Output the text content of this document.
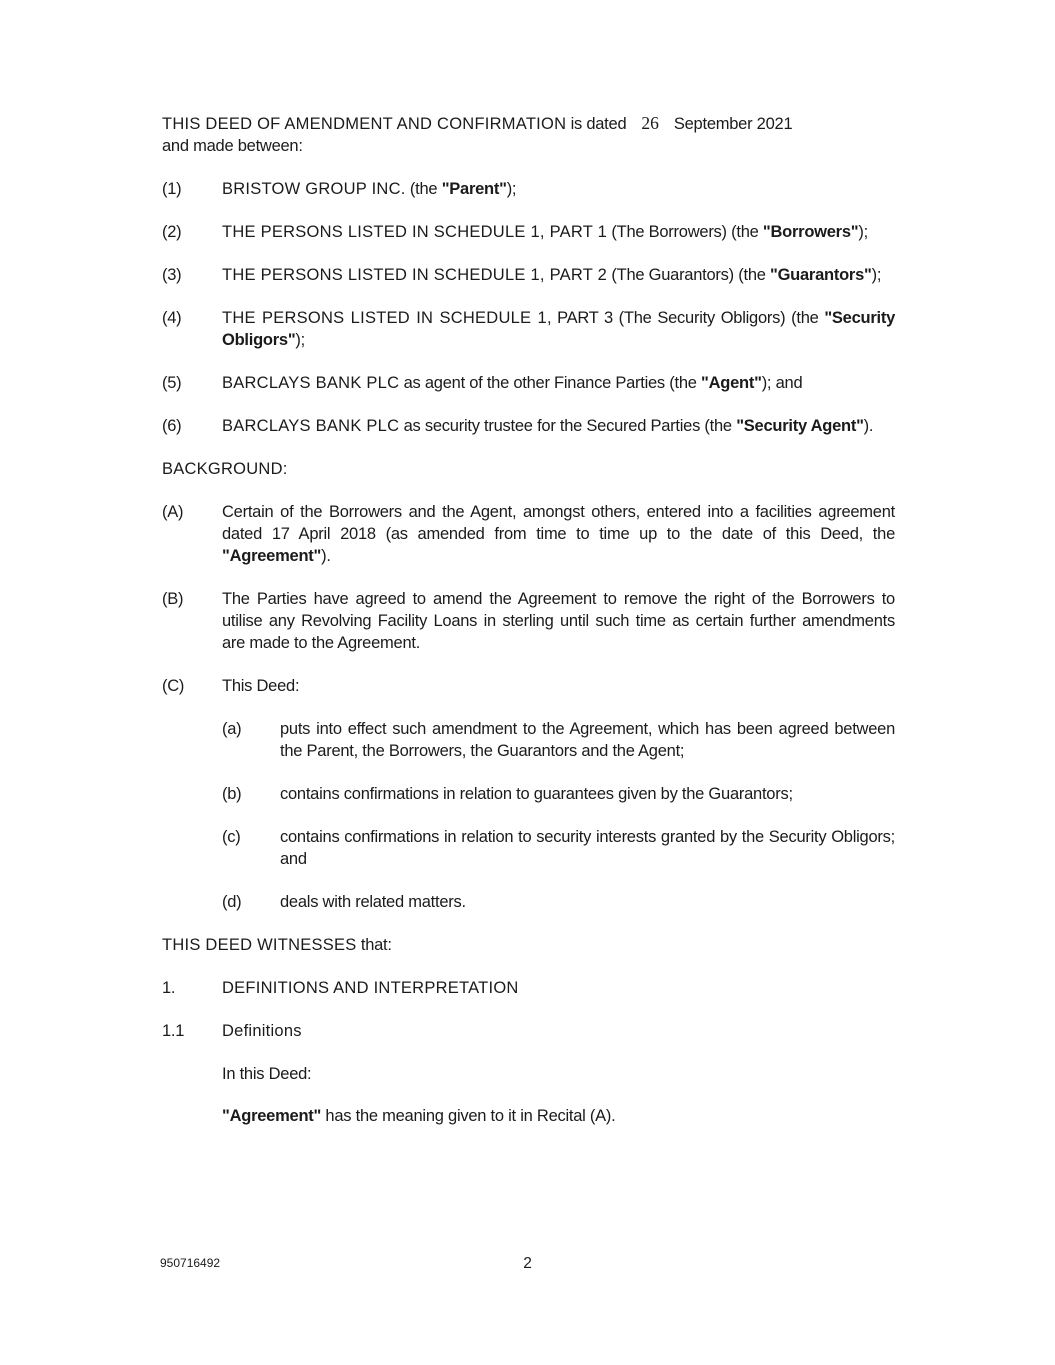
THIS DEED OF AMENDMENT AND CONFIRMATION is dated 26 September 2021
and made between:
(1)	BRISTOW GROUP INC. (the "Parent");
(2)	THE PERSONS LISTED IN SCHEDULE 1, PART 1 (The Borrowers) (the "Borrowers");
(3)	THE PERSONS LISTED IN SCHEDULE 1, PART 2 (The Guarantors) (the "Guarantors");
(4)	THE PERSONS LISTED IN SCHEDULE 1, PART 3 (The Security Obligors) (the "Security Obligors");
(5)	BARCLAYS BANK PLC as agent of the other Finance Parties (the "Agent"); and
(6)	BARCLAYS BANK PLC as security trustee for the Secured Parties (the "Security Agent").
BACKGROUND:
(A)	Certain of the Borrowers and the Agent, amongst others, entered into a facilities agreement dated 17 April 2018 (as amended from time to time up to the date of this Deed, the "Agreement").
(B)	The Parties have agreed to amend the Agreement to remove the right of the Borrowers to utilise any Revolving Facility Loans in sterling until such time as certain further amendments are made to the Agreement.
(C)	This Deed:
(a)	puts into effect such amendment to the Agreement, which has been agreed between the Parent, the Borrowers, the Guarantors and the Agent;
(b)	contains confirmations in relation to guarantees given by the Guarantors;
(c)	contains confirmations in relation to security interests granted by the Security Obligors; and
(d)	deals with related matters.
THIS DEED WITNESSES that:
1.	DEFINITIONS AND INTERPRETATION
1.1	Definitions
In this Deed:
"Agreement" has the meaning given to it in Recital (A).
950716492	2
